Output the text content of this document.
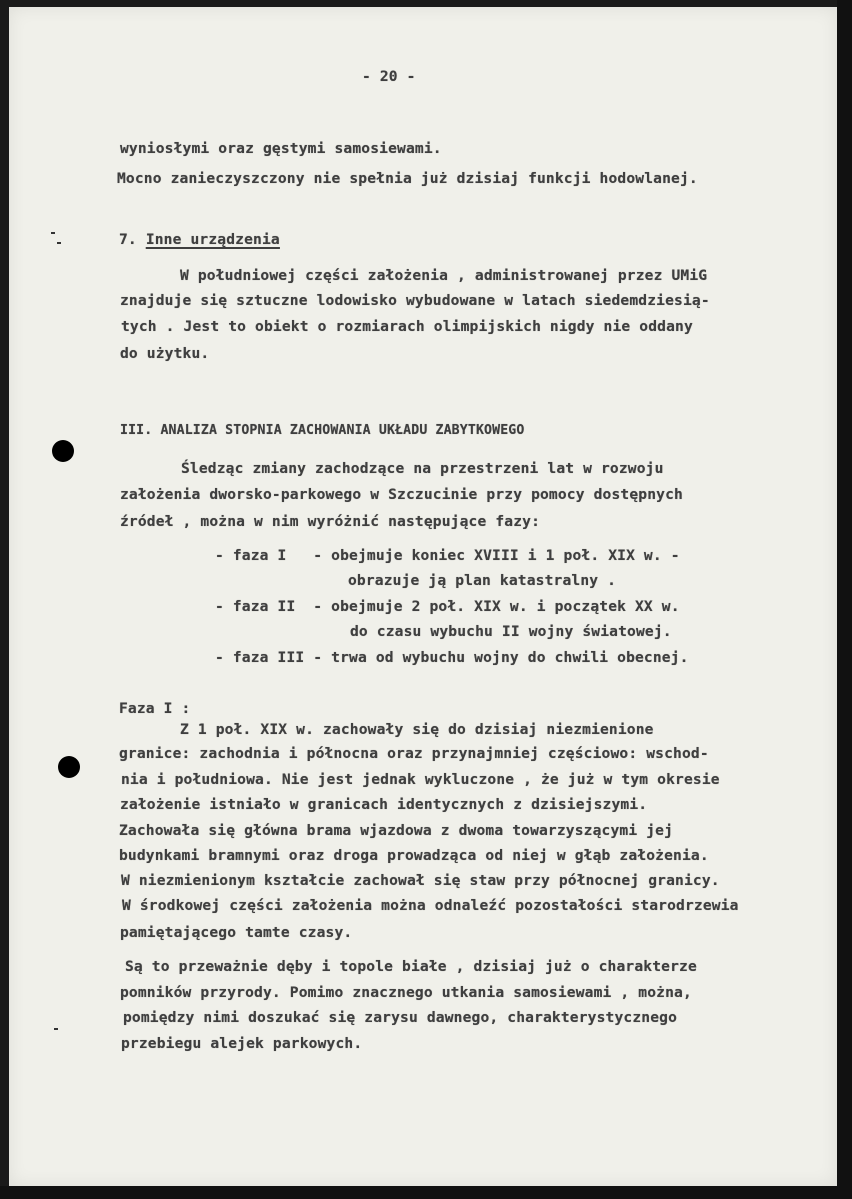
- 20 -
wyniosłymi oraz gęstymi samosiewami.
Mocno zanieczyszczony nie spełnia już dzisiaj funkcji hodowlanej.
7. Inne urządzenia
W południowej części założenia , administrowanej przez UMiG
znajduje się sztuczne lodowisko wybudowane w latach siedemdziesią-
tych . Jest to obiekt o rozmiarach olimpijskich nigdy nie oddany
do użytku.
III. ANALIZA STOPNIA ZACHOWANIA UKŁADU ZABYTKOWEGO
Śledząc zmiany zachodzące na przestrzeni lat w rozwoju
założenia dworsko-parkowego w Szczucinie przy pomocy dostępnych
źródeł , można w nim wyróżnić następujące fazy:
- faza I   - obejmuje koniec XVIII i 1 poł. XIX w. -
obrazuje ją plan katastralny .
- faza II  - obejmuje 2 poł. XIX w. i początek XX w.
do czasu wybuchu II wojny światowej.
- faza III - trwa od wybuchu wojny do chwili obecnej.
Faza I :
Z 1 poł. XIX w. zachowały się do dzisiaj niezmienione
granice: zachodnia i północna oraz przynajmniej częściowo: wschod-
nia i południowa. Nie jest jednak wykluczone , że już w tym okresie
założenie istniało w granicach identycznych z dzisiejszymi.
Zachowała się główna brama wjazdowa z dwoma towarzyszącymi jej
budynkami bramnymi oraz droga prowadząca od niej w głąb założenia.
W niezmienionym kształcie zachował się staw przy północnej granicy.
W środkowej części założenia można odnaleźć pozostałości starodrzewia
pamiętającego tamte czasy.
Są to przeważnie dęby i topole białe , dzisiaj już o charakterze
pomników przyrody. Pomimo znacznego utkania samosiewami , można,
pomiędzy nimi doszukać się zarysu dawnego, charakterystycznego
przebiegu alejek parkowych.
